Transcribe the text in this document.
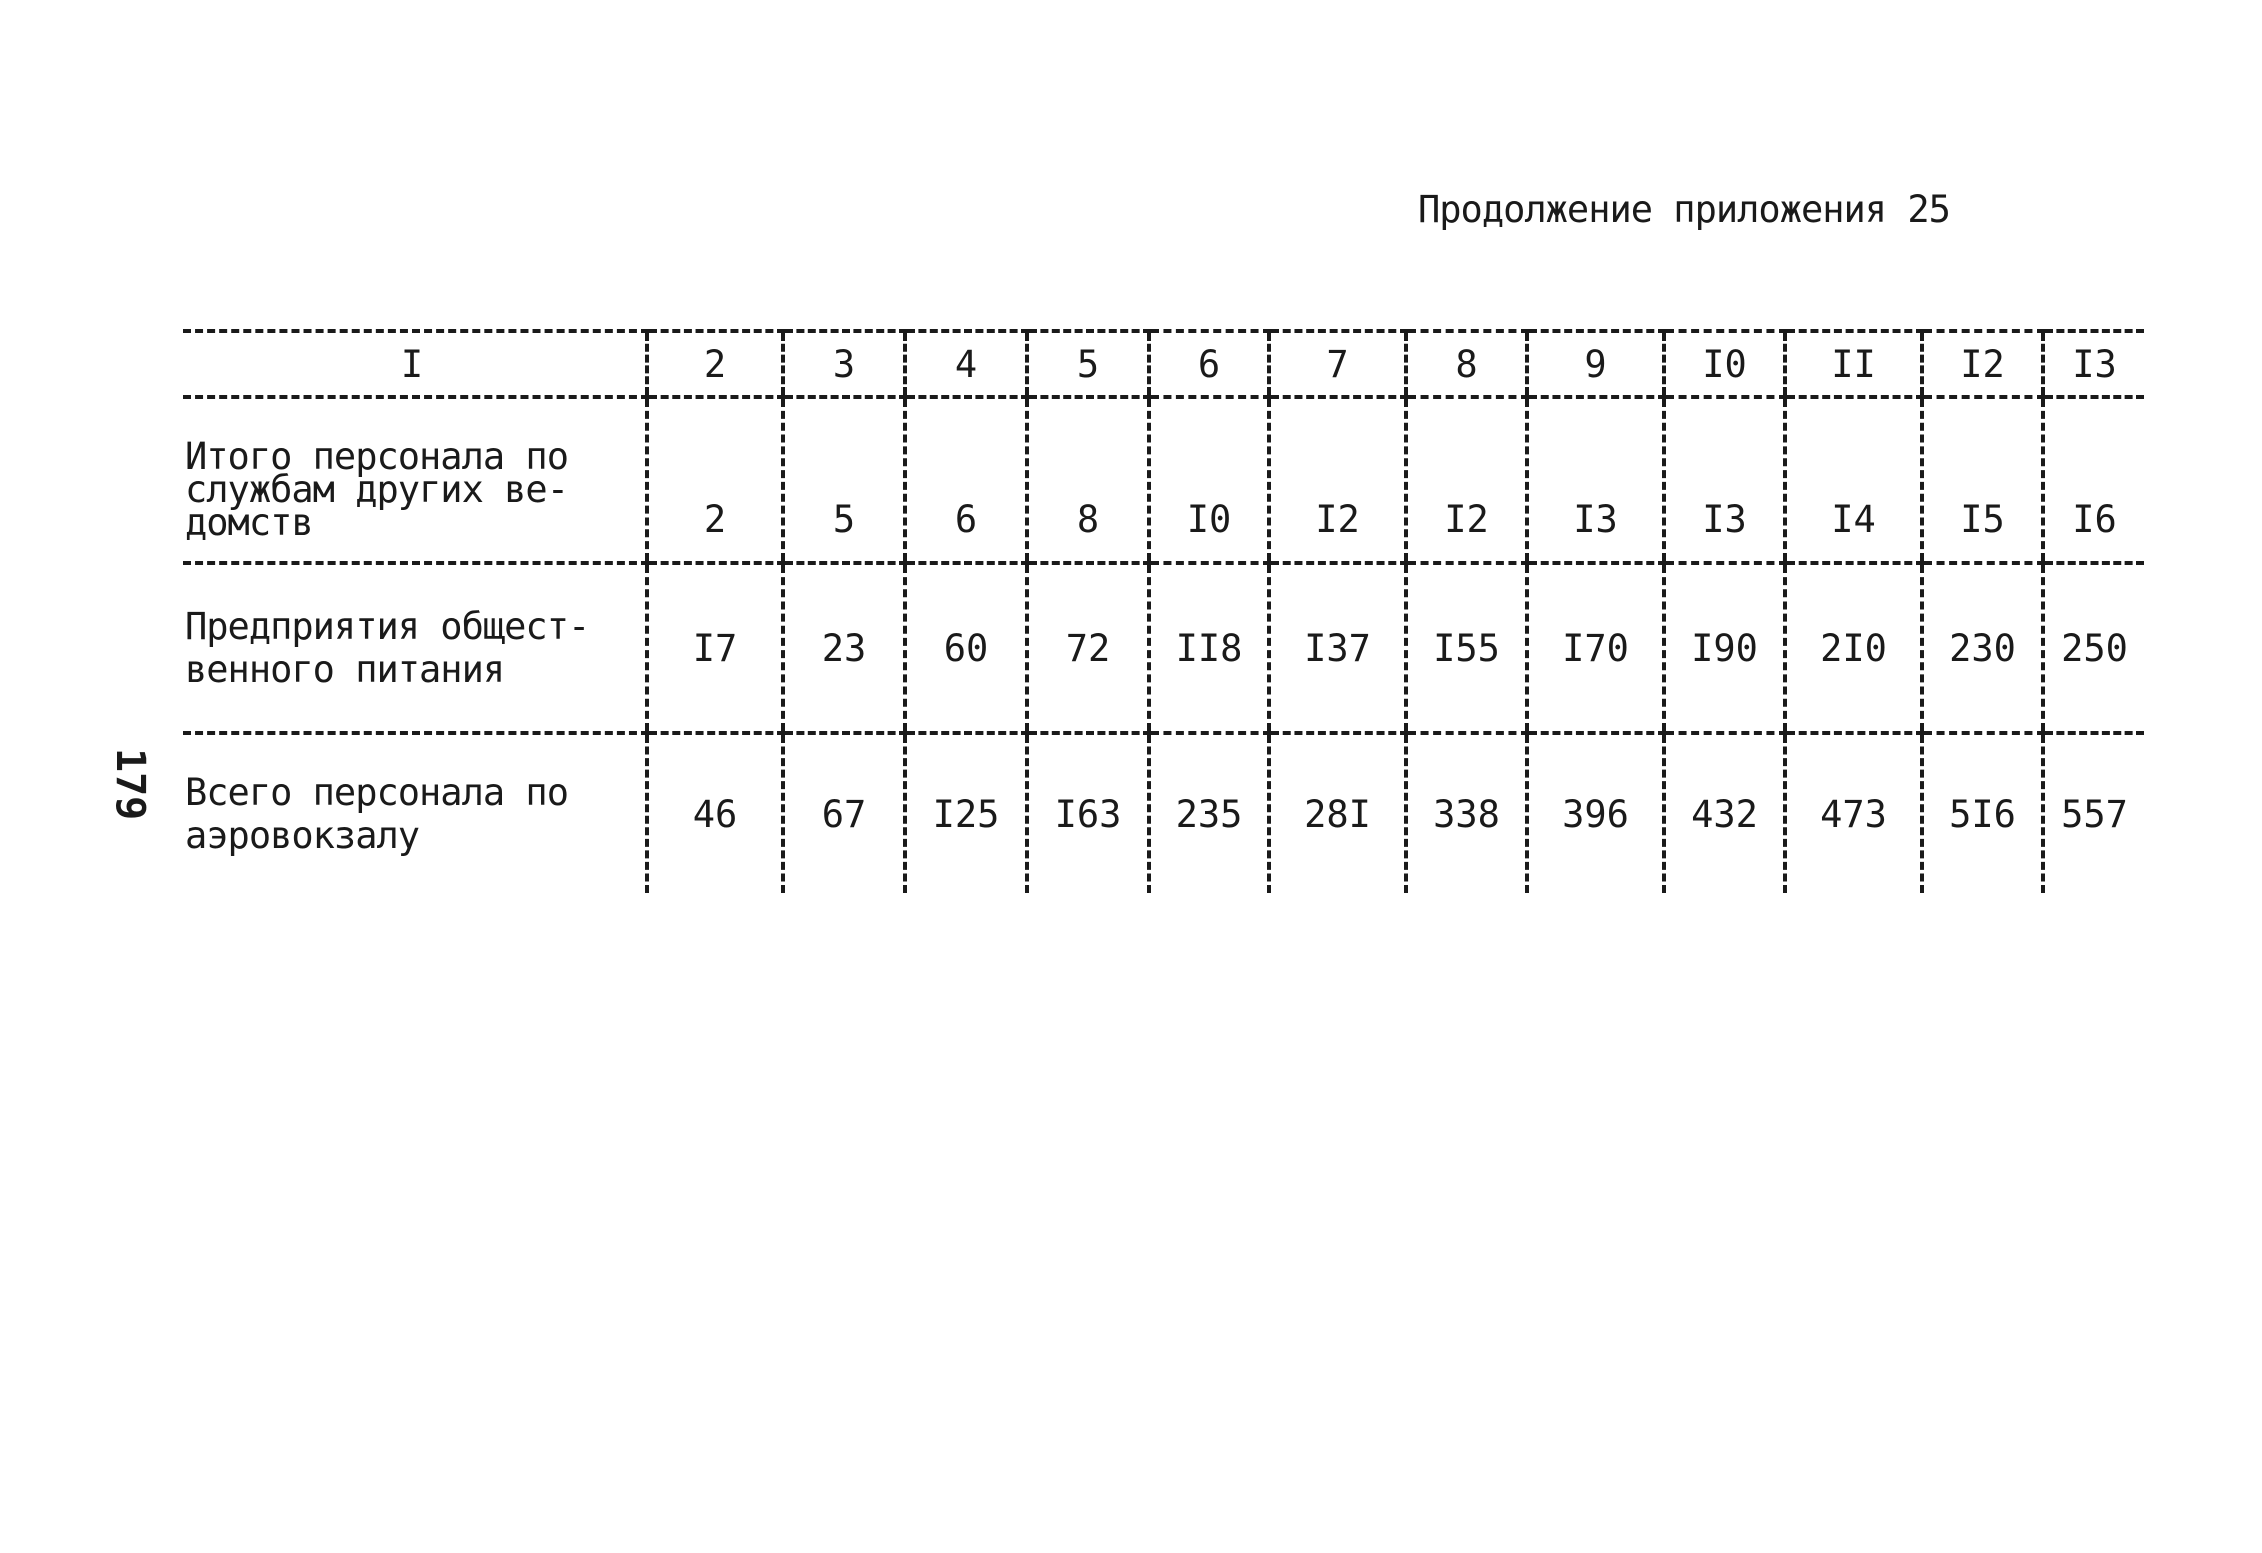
Продолжение приложения 25
179
I	2	3	4	5	6	7	8	9	I0	II	I2	I3

Итого персонала по
службам других ве-
домств	2	5	6	8	I0	I2	I2	I3	I3	I4	I5	I6
Предприятия общест-
венного питания	I7	23	60	72	II8	I37	I55	I70	I90	2I0	230	250
Всего персонала по
аэровокзалу	46	67	I25	I63	235	28I	338	396	432	473	5I6	557
